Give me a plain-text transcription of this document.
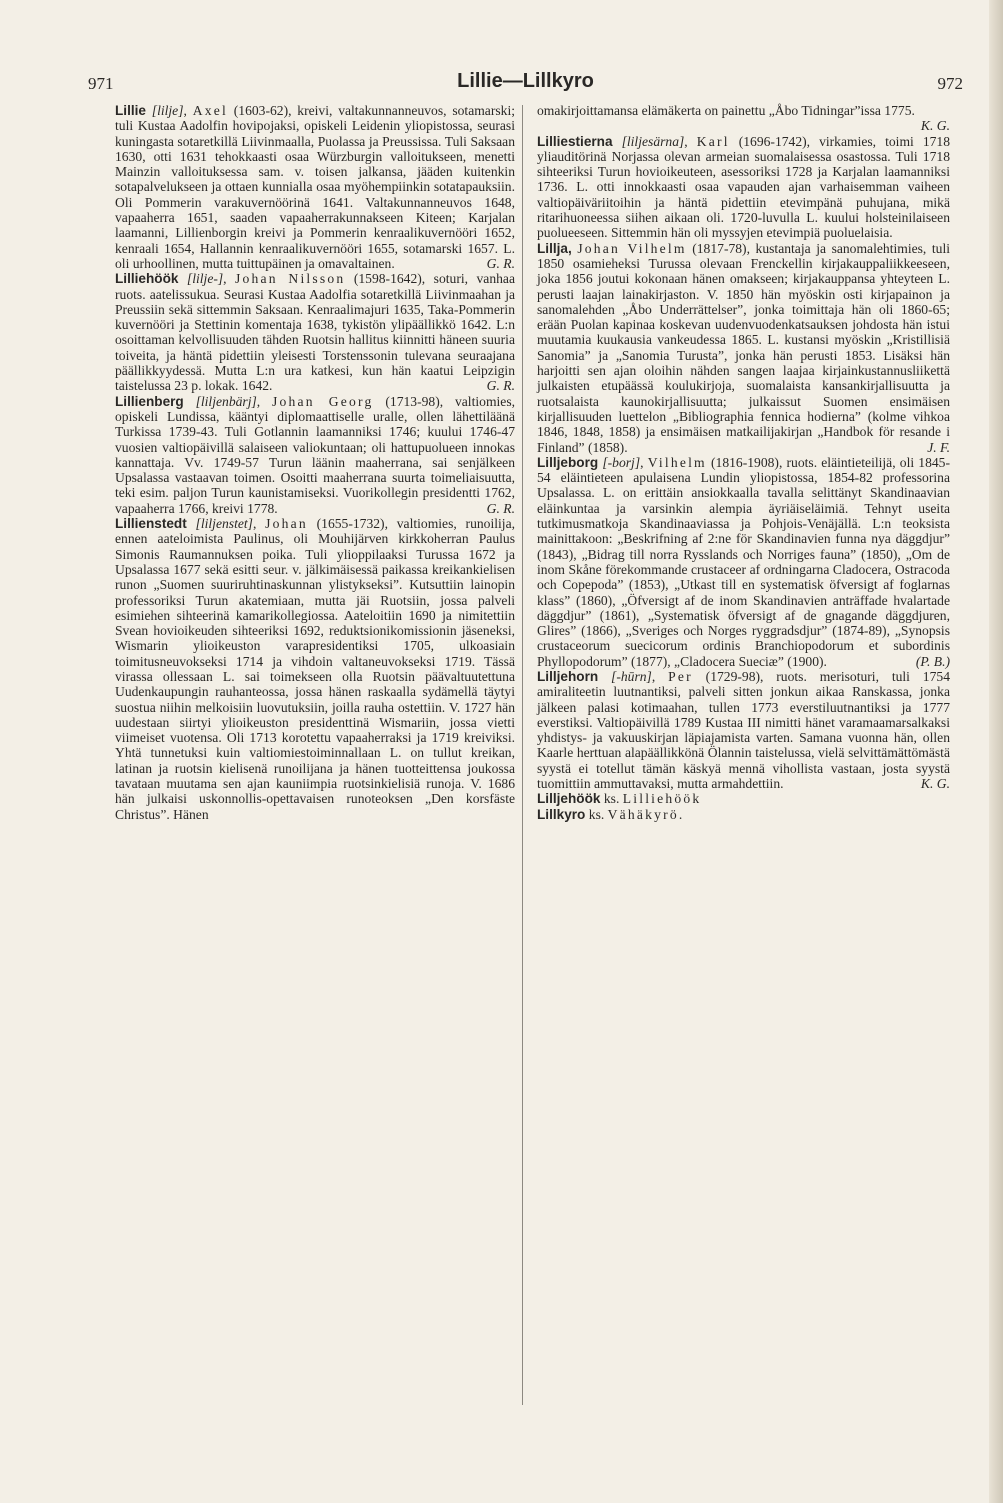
971	Lillie—Lillkyro	972

Lillie [lilje], Axel (1603-62), kreivi, valtakunnanneuvos, sotamarski; tuli Kustaa Aadolfin hovipojaksi, opiskeli Leidenin yliopistossa, seurasi kuningasta sotaretkillä Liivinmaalla, Puolassa ja Preussissa. Tuli Saksaan 1630, otti 1631 tehokkaasti osaa Würzburgin valloitukseen, menetti Mainzin valloituksessa sam. v. toisen jalkansa, jääden kuitenkin sotapalvelukseen ja ottaen kunnialla osaa myöhempiinkin sotatapauksiin. Oli Pommerin varakuvernöörinä 1641. Valtakunnanneuvos 1648, vapaaherra 1651, saaden vapaaherrakunnakseen Kiteen; Karjalan laamanni, Lillienborgin kreivi ja Pommerin kenraalikuvernööri 1652, kenraali 1654, Hallannin kenraalikuvernööri 1655, sotamarski 1657. L. oli urhoollinen, mutta tuittupäinen ja omavaltainen.	G. R.

Lilliehöök [lilje-], Johan Nilsson (1598-1642), soturi, vanhaa ruots. aatelissukua. Seurasi Kustaa Aadolfia sotaretkillä Liivinmaahan ja Preussiin sekä sittemmin Saksaan. Kenraalimajuri 1635, Taka-Pommerin kuvernööri ja Stettinin komentaja 1638, tykistön ylipäällikkö 1642. L:n osoittaman kelvollisuuden tähden Ruotsin hallitus kiinnitti häneen suuria toiveita, ja häntä pidettiin yleisesti Torstenssonin tulevana seuraajana päällikkyydessä. Mutta L:n ura katkesi, kun hän kaatui Leipzigin taistelussa 23 p. lokak. 1642.	G. R.

Lillienberg [liljenbärj], Johan Georg (1713-98), valtiomies, opiskeli Lundissa, kääntyi diplomaattiselle uralle, ollen lähettiläänä Turkissa 1739-43. Tuli Gotlannin laamanniksi 1746; kuului 1746-47 vuosien valtiopäivillä salaiseen valiokuntaan; oli hattupuolueen innokas kannattaja. Vv. 1749-57 Turun läänin maaherrana, sai senjälkeen Upsalassa vastaavan toimen. Osoitti maaherrana suurta toimeliaisuutta, teki esim. paljon Turun kaunistamiseksi. Vuorikollegin presidentti 1762, vapaaherra 1766, kreivi 1778.	G. R.

Lillienstedt [liljenstet], Johan (1655-1732), valtiomies, runoilija, ennen aateloimista Paulinus, oli Mouhijärven kirkkoherran Paulus Simonis Raumannuksen poika. Tuli ylioppilaaksi Turussa 1672 ja Upsalassa 1677 sekä esitti seur. v. jälkimäisessä paikassa kreikankielisen runon „Suomen suuriruhtinaskunnan ylistykseksi”. Kutsuttiin lainopin professoriksi Turun akatemiaan, mutta jäi Ruotsiin, jossa palveli esimiehen sihteerinä kamarikollegiossa. Aateloitiin 1690 ja nimitettiin Svean hovioikeuden sihteeriksi 1692, reduktsionikomissionin jäseneksi, Wismarin ylioikeuston varapresidentiksi 1705, ulkoasiain toimitusneuvokseksi 1714 ja vihdoin valtaneuvokseksi 1719. Tässä virassa ollessaan L. sai toimekseen olla Ruotsin päävaltuutettuna Uudenkaupungin rauhanteossa, jossa hänen raskaalla sydämellä täytyi suostua niihin melkoisiin luovutuksiin, joilla rauha ostettiin. V. 1727 hän uudestaan siirtyi ylioikeuston presidenttinä Wismariin, jossa vietti viimeiset vuotensa. Oli 1713 korotettu vapaaherraksi ja 1719 kreiviksi. Yhtä tunnetuksi kuin valtiomiestoiminnallaan L. on tullut kreikan, latinan ja ruotsin kielisenä runoilijana ja hänen tuotteittensa joukossa tavataan muutama sen ajan kauniimpia ruotsinkielisiä runoja. V. 1686 hän julkaisi uskonnollis-opettavaisen runoteoksen „Den korsfäste Christus”. Hänen

omakirjoittamansa elämäkerta on painettu „Åbo Tidningar”issa 1775.
K. G.

Lilliestierna [liljesärna], Karl (1696-1742), virkamies, toimi 1718 yliauditörinä Norjassa olevan armeian suomalaisessa osastossa. Tuli 1718 sihteeriksi Turun hovioikeuteen, asessoriksi 1728 ja Karjalan laamanniksi 1736. L. otti innokkaasti osaa vapauden ajan varhaisemman vaiheen valtiopäiväriitoihin ja häntä pidettiin etevimpänä puhujana, mikä ritarihuoneessa siihen aikaan oli. 1720-luvulla L. kuului holsteinilaiseen puolueeseen. Sittemmin hän oli myssyjen etevimpiä puoluelaisia.

Lillja, Johan Vilhelm (1817-78), kustantaja ja sanomalehtimies, tuli 1850 osamieheksi Turussa olevaan Frenckellin kirjakauppaliikkeeseen, joka 1856 joutui kokonaan hänen omakseen; kirjakauppansa yhteyteen L. perusti laajan lainakirjaston. V. 1850 hän myöskin osti kirjapainon ja sanomalehden „Åbo Underrättelser”, jonka toimittaja hän oli 1860-65; erään Puolan kapinaa koskevan uudenvuodenkatsauksen johdosta hän istui muutamia kuukausia vankeudessa 1865. L. kustansi myöskin „Kristillisiä Sanomia” ja „Sanomia Turusta”, jonka hän perusti 1853. Lisäksi hän harjoitti sen ajan oloihin nähden sangen laajaa kirjainkustannusliikettä julkaisten etupäässä koulukirjoja, suomalaista kansankirjallisuutta ja ruotsalaista kaunokirjallisuutta; julkaissut Suomen ensimäisen kirjallisuuden luettelon „Bibliographia fennica hodierna” (kolme vihkoa 1846, 1848, 1858) ja ensimäisen matkailijakirjan „Handbok för resande i Finland” (1858).	J. F.

Lilljeborg [-borj], Vilhelm (1816-1908), ruots. eläintieteilijä, oli 1845-54 eläintieteen apulaisena Lundin yliopistossa, 1854-82 professorina Upsalassa. L. on erittäin ansiokkaalla tavalla selittänyt Skandinaavian eläinkuntaa ja varsinkin alempia äyriäiseläimiä. Tehnyt useita tutkimusmatkoja Skandinaaviassa ja Pohjois-Venäjällä. L:n teoksista mainittakoon: „Beskrifning af 2:ne för Skandinavien funna nya däggdjur” (1843), „Bidrag till norra Rysslands och Norriges fauna” (1850), „Om de inom Skåne förekommande crustaceer af ordningarna Cladocera, Ostracoda och Copepoda” (1853), „Utkast till en systematisk öfversigt af foglarnas klass” (1860), „Öfversigt af de inom Skandinavien anträffade hvalartade däggdjur” (1861), „Systematisk öfversigt af de gnagande däggdjuren, Glires” (1866), „Sveriges och Norges ryggradsdjur” (1874-89), „Synopsis crustaceorum suecicorum ordinis Branchiopodorum et subordinis Phyllopodorum” (1877), „Cladocera Sueciæ” (1900).	(P. B.)

Lilljehorn [-hūrn], Per (1729-98), ruots. merisoturi, tuli 1754 amiraliteetin luutnantiksi, palveli sitten jonkun aikaa Ranskassa, jonka jälkeen palasi kotimaahan, tullen 1773 everstiluutnantiksi ja 1777 everstiksi. Valtiopäivillä 1789 Kustaa III nimitti hänet varamaamarsalkaksi yhdistys- ja vakuuskirjan läpiajamista varten. Samana vuonna hän, ollen Kaarle herttuan alapäällikkönä Ölannin taistelussa, vielä selvittämättömästä syystä ei totellut tämän käskyä mennä vihollista vastaan, josta syystä tuomittiin ammuttavaksi, mutta armahdettiin.	K. G.

Lilljehöök ks. Lilliehöök

Lillkyro ks. Vähäkyrö.
